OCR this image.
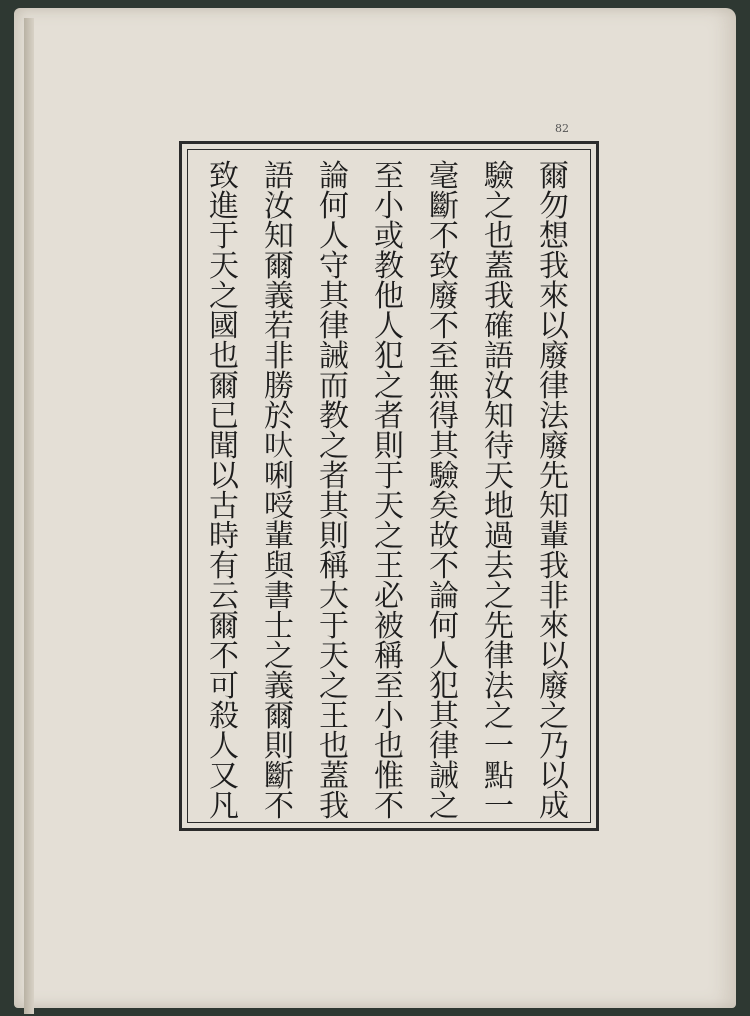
82
爾
勿
想
我
來
以
廢
律
法
廢
先
知
輩
我
非
來
以
廢
之
乃
以
成
驗
之
也
蓋
我
確
語
汝
知
待
天
地
過
去
之
先
律
法
之
一
點
一
毫
斷
不
致
廢
不
至
無
得
其
驗
矣
故
不
論
何
人
犯
其
律
誡
之
至
小
或
教
他
人
犯
之
者
則
于
天
之
王
必
被
稱
至
小
也
惟
不
論
何
人
守
其
律
誡
而
教
之
者
其
則
稱
大
于
天
之
王
也
蓋
我
語
汝
知
爾
義
若
非
勝
於
𠯈
唎
㖟
輩
與
書
士
之
義
爾
則
斷
不
致
進
于
天
之
國
也
爾
已
聞
以
古
時
有
云
爾
不
可
殺
人
又
凡
